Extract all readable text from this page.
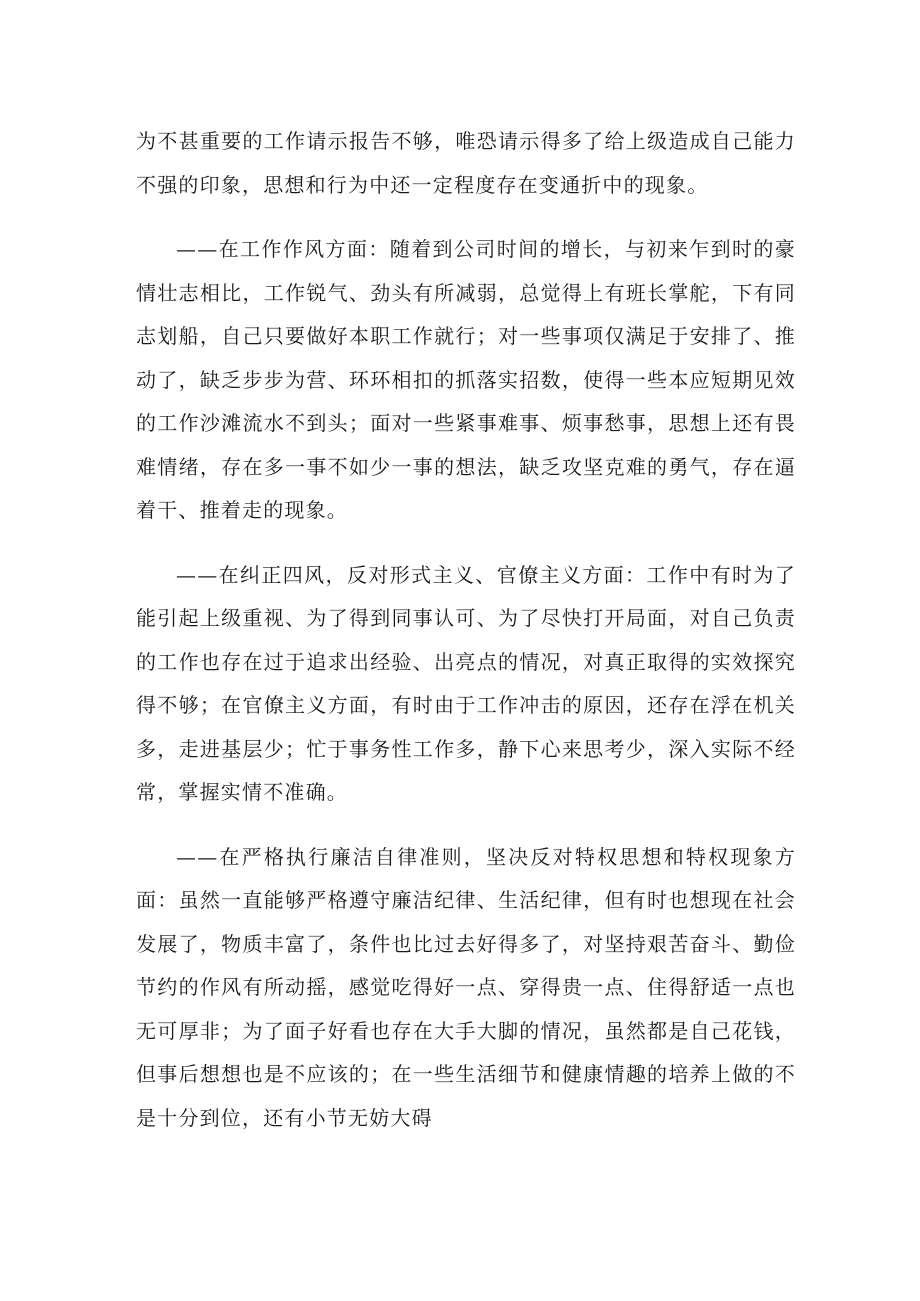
为不甚重要的工作请示报告不够，唯恐请示得多了给上级造成自己能力不强的印象，思想和行为中还一定程度存在变通折中的现象。

——在工作作风方面：随着到公司时间的增长，与初来乍到时的豪情壮志相比，工作锐气、劲头有所减弱，总觉得上有班长掌舵，下有同志划船，自己只要做好本职工作就行；对一些事项仅满足于安排了、推动了，缺乏步步为营、环环相扣的抓落实招数，使得一些本应短期见效的工作沙滩流水不到头；面对一些紧事难事、烦事愁事，思想上还有畏难情绪，存在多一事不如少一事的想法，缺乏攻坚克难的勇气，存在逼着干、推着走的现象。

——在纠正四风，反对形式主义、官僚主义方面：工作中有时为了能引起上级重视、为了得到同事认可、为了尽快打开局面，对自己负责的工作也存在过于追求出经验、出亮点的情况，对真正取得的实效探究得不够；在官僚主义方面，有时由于工作冲击的原因，还存在浮在机关多，走进基层少；忙于事务性工作多，静下心来思考少，深入实际不经常，掌握实情不准确。

——在严格执行廉洁自律准则，坚决反对特权思想和特权现象方面：虽然一直能够严格遵守廉洁纪律、生活纪律，但有时也想现在社会发展了，物质丰富了，条件也比过去好得多了，对坚持艰苦奋斗、勤俭节约的作风有所动摇，感觉吃得好一点、穿得贵一点、住得舒适一点也无可厚非；为了面子好看也存在大手大脚的情况，虽然都是自己花钱，但事后想想也是不应该的；在一些生活细节和健康情趣的培养上做的不是十分到位，还有小节无妨大碍
